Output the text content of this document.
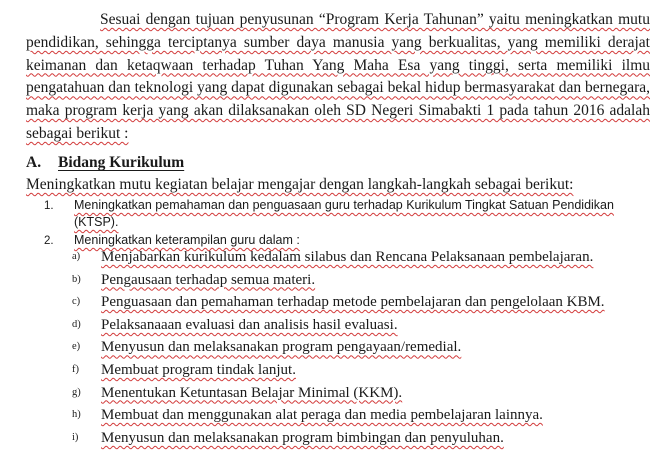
Sesuai dengan tujuan penyusunan “Program Kerja Tahunan” yaitu meningkatkan mutu pendidikan, sehingga terciptanya sumber daya manusia yang berkualitas, yang memiliki derajat keimanan dan ketaqwaan terhadap Tuhan Yang Maha Esa yang tinggi, serta memiliki ilmu pengatahuan dan teknologi yang dapat digunakan sebagai bekal hidup bermasyarakat dan bernegara, maka program kerja yang akan dilaksanakan oleh SD Negeri Simabakti 1 pada tahun 2016 adalah sebagai berikut :

A. Bidang Kurikulum

Meningkatkan mutu kegiatan belajar mengajar dengan langkah-langkah sebagai berikut:

1. Meningkatkan pemahaman dan penguasaan guru terhadap Kurikulum Tingkat Satuan Pendidikan (KTSP).
2. Meningkatkan keterampilan guru dalam :
a) Menjabarkan kurikulum kedalam silabus dan Rencana Pelaksanaan pembelajaran.
b) Pengausaan terhadap semua materi.
c) Penguasaan dan pemahaman terhadap metode pembelajaran dan pengelolaan KBM.
d) Pelaksanaaan evaluasi dan analisis hasil evaluasi.
e) Menyusun dan melaksanakan program pengayaan/remedial.
f) Membuat program tindak lanjut.
g) Menentukan Ketuntasan Belajar Minimal (KKM).
h) Membuat dan menggunakan alat peraga dan media pembelajaran lainnya.
i) Menyusun dan melaksanakan program bimbingan dan penyuluhan.
